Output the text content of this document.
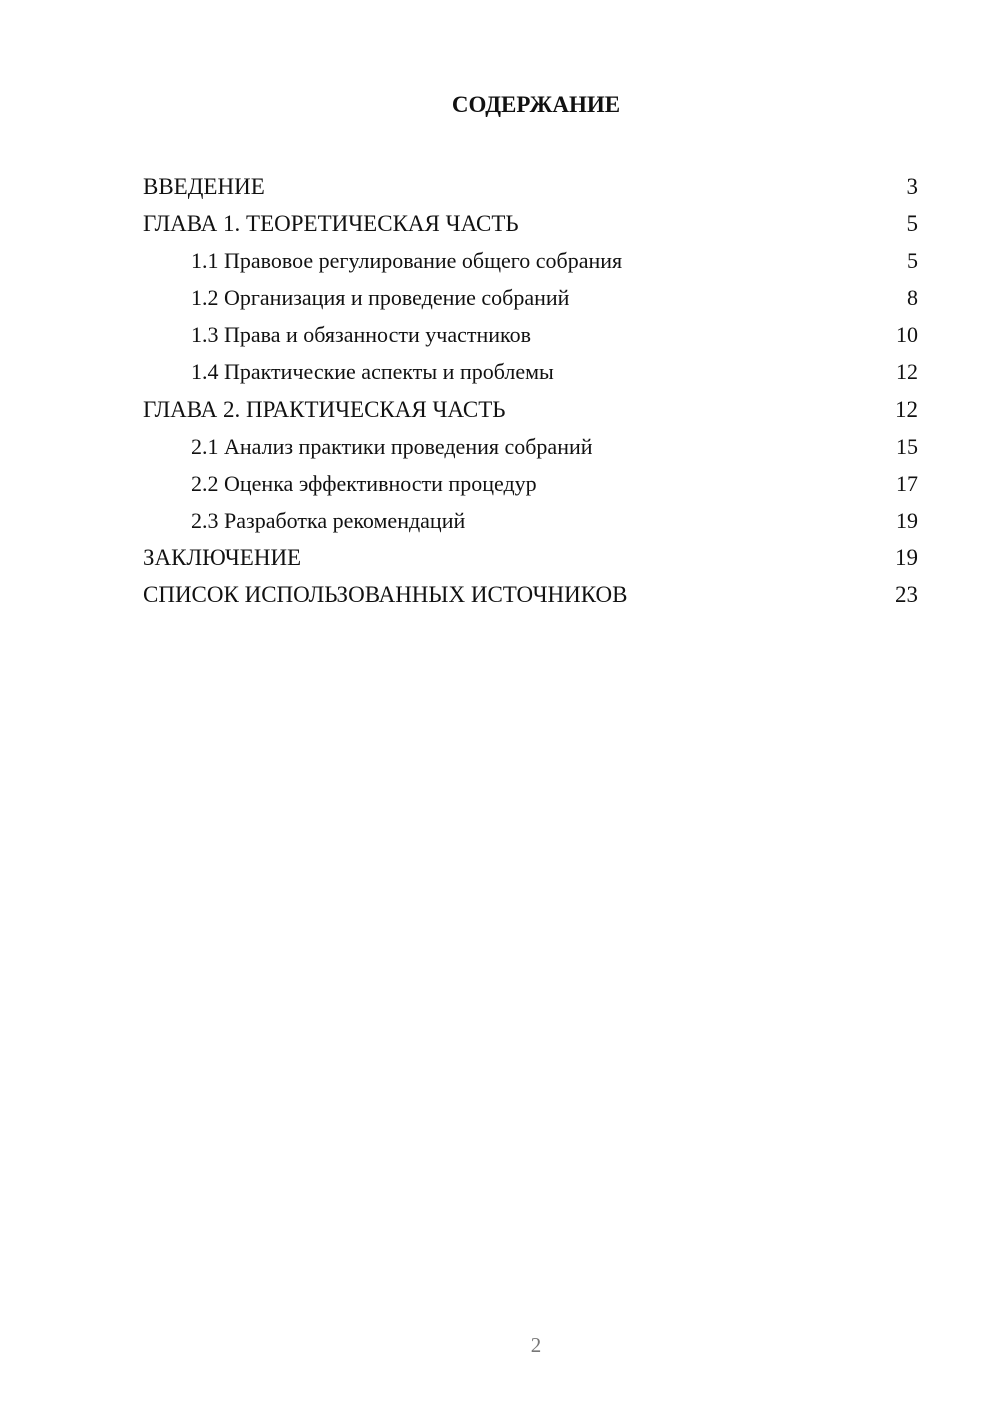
СОДЕРЖАНИЕ
ВВЕДЕНИЕ	3
ГЛАВА 1. ТЕОРЕТИЧЕСКАЯ ЧАСТЬ	5
1.1 Правовое регулирование общего собрания	5
1.2 Организация и проведение собраний	8
1.3 Права и обязанности участников	10
1.4 Практические аспекты и проблемы	12
ГЛАВА 2. ПРАКТИЧЕСКАЯ ЧАСТЬ	12
2.1 Анализ практики проведения собраний	15
2.2 Оценка эффективности процедур	17
2.3 Разработка рекомендаций	19
ЗАКЛЮЧЕНИЕ	19
СПИСОК ИСПОЛЬЗОВАННЫХ ИСТОЧНИКОВ	23
2
